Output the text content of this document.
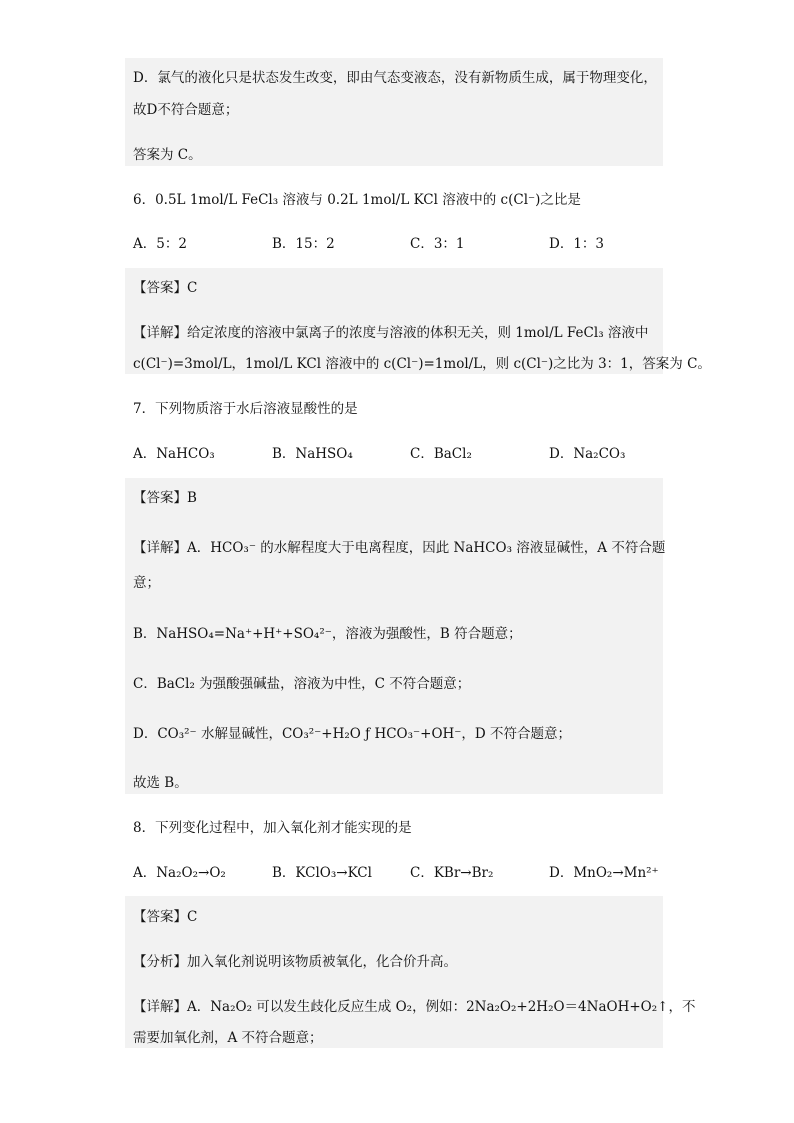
D．氯气的液化只是状态发生改变，即由气态变液态，没有新物质生成，属于物理变化，
故D不符合题意；
答案为 C。
6．0.5L 1mol/L FeCl₃ 溶液与 0.2L 1mol/L KCl 溶液中的 c(Cl⁻)之比是
A．5：2	B．15：2	C．3：1	D．1：3
【答案】C
【详解】给定浓度的溶液中氯离子的浓度与溶液的体积无关，则 1mol/L FeCl₃ 溶液中
c(Cl⁻)=3mol/L，1mol/L KCl 溶液中的 c(Cl⁻)=1mol/L，则 c(Cl⁻)之比为 3：1，答案为 C。
7．下列物质溶于水后溶液显酸性的是
A．NaHCO₃	B．NaHSO₄	C．BaCl₂	D．Na₂CO₃
【答案】B
【详解】A．HCO₃⁻ 的水解程度大于电离程度，因此 NaHCO₃ 溶液显碱性，A 不符合题
意；
B．NaHSO₄=Na⁺+H⁺+SO₄²⁻，溶液为强酸性，B 符合题意；
C．BaCl₂ 为强酸强碱盐，溶液为中性，C 不符合题意；
D．CO₃²⁻ 水解显碱性，CO₃²⁻+H₂O ƒ HCO₃⁻+OH⁻，D 不符合题意；
故选 B。
8．下列变化过程中，加入氧化剂才能实现的是
A．Na₂O₂→O₂	B．KClO₃→KCl	C．KBr→Br₂	D．MnO₂→Mn²⁺
【答案】C
【分析】加入氧化剂说明该物质被氧化，化合价升高。
【详解】A．Na₂O₂ 可以发生歧化反应生成 O₂，例如：2Na₂O₂+2H₂O＝4NaOH+O₂↑，不
需要加氧化剂，A 不符合题意；
